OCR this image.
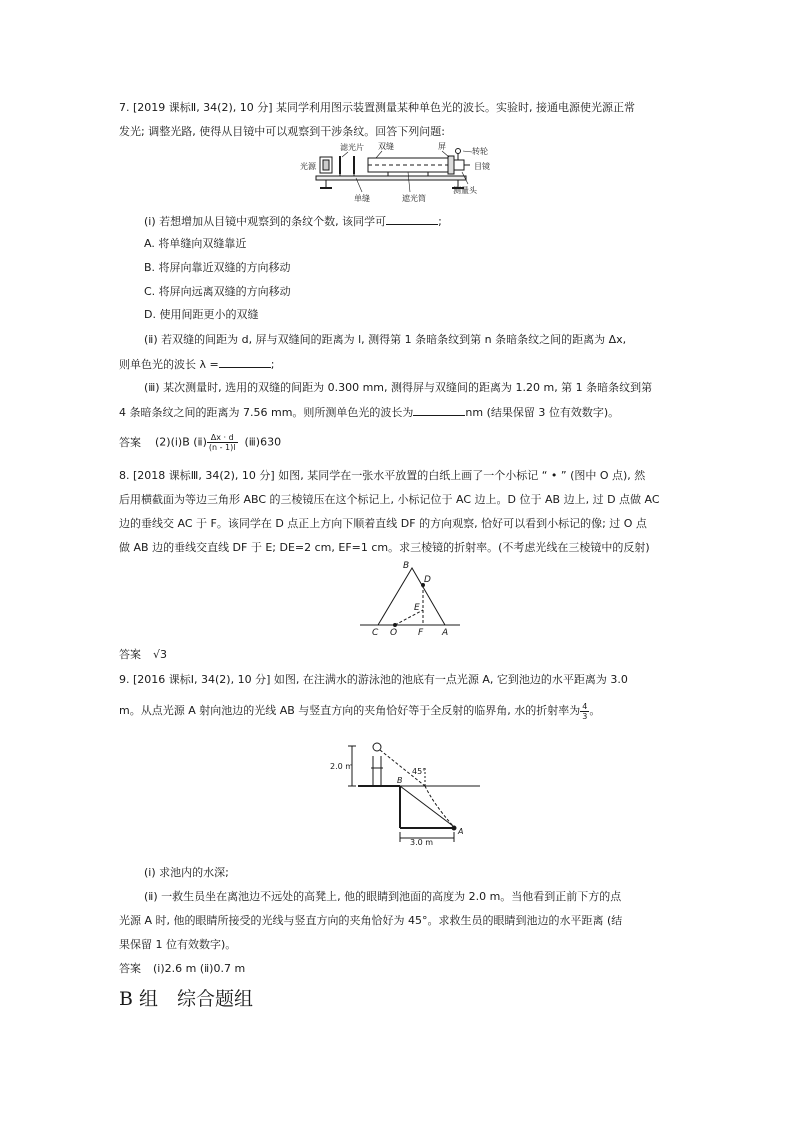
7. [2019 课标Ⅱ, 34(2), 10 分] 某同学利用图示装置测量某种单色光的波长。实验时, 接通电源使光源正常
发光; 调整光路, 使得从目镜中可以观察到干涉条纹。回答下列问题:
光源
滤光片 双缝	屏
转轮
目镜
单缝	遮光筒
测量头
(ⅰ) 若想增加从目镜中观察到的条纹个数, 该同学可	;
A. 将单缝向双缝靠近
B. 将屏向靠近双缝的方向移动
C. 将屏向远离双缝的方向移动
D. 使用间距更小的双缝
(ⅱ) 若双缝的间距为 d, 屏与双缝间的距离为 l, 测得第 1 条暗条纹到第 n 条暗条纹之间的距离为 Δx,
则单色光的波长 λ =	;
(ⅲ) 某次测量时, 选用的双缝的间距为 0.300 mm, 测得屏与双缝间的距离为 1.20 m, 第 1 条暗条纹到第
4 条暗条纹之间的距离为 7.56 mm。则所测单色光的波长为	nm (结果保留 3 位有效数字)。
答案 (2)(ⅰ)B (ⅱ) $\frac{\Delta x \cdot d}{(n - 1)l}$ (ⅲ)630
8. [2018 课标Ⅲ, 34(2), 10 分] 如图, 某同学在一张水平放置的白纸上画了一个小标记 “ • ” (图中 O 点), 然
后用横截面为等边三角形 ABC 的三棱镜压在这个标记上, 小标记位于 AC 边上。D 位于 AB 边上, 过 D 点做 AC
边的垂线交 AC 于 F。该同学在 D 点正上方向下顺着直线 DF 的方向观察, 恰好可以看到小标记的像; 过 O 点
做 AB 边的垂线交直线 DF 于 E; DE=2 cm, EF=1 cm。求三棱镜的折射率。(不考虑光线在三棱镜中的反射)
B
D
E
C O F A
答案 √3
9. [2016 课标Ⅰ, 34(2), 10 分] 如图, 在注满水的游泳池的池底有一点光源 A, 它到池边的水平距离为 3.0
m。从点光源 A 射向池边的光线 AB 与竖直方向的夹角恰好等于全反射的临界角, 水的折射率为 $\frac{4}{3}$ 。
2.0 m
45°
B
A
3.0 m
(ⅰ) 求池内的水深;
(ⅱ) 一救生员坐在离池边不远处的高凳上, 他的眼睛到池面的高度为 2.0 m。当他看到正前下方的点
光源 A 时, 他的眼睛所接受的光线与竖直方向的夹角恰好为 45°。求救生员的眼睛到池边的水平距离 (结
果保留 1 位有效数字)。
答案 (ⅰ)2.6 m (ⅱ)0.7 m
B 组　综合题组
